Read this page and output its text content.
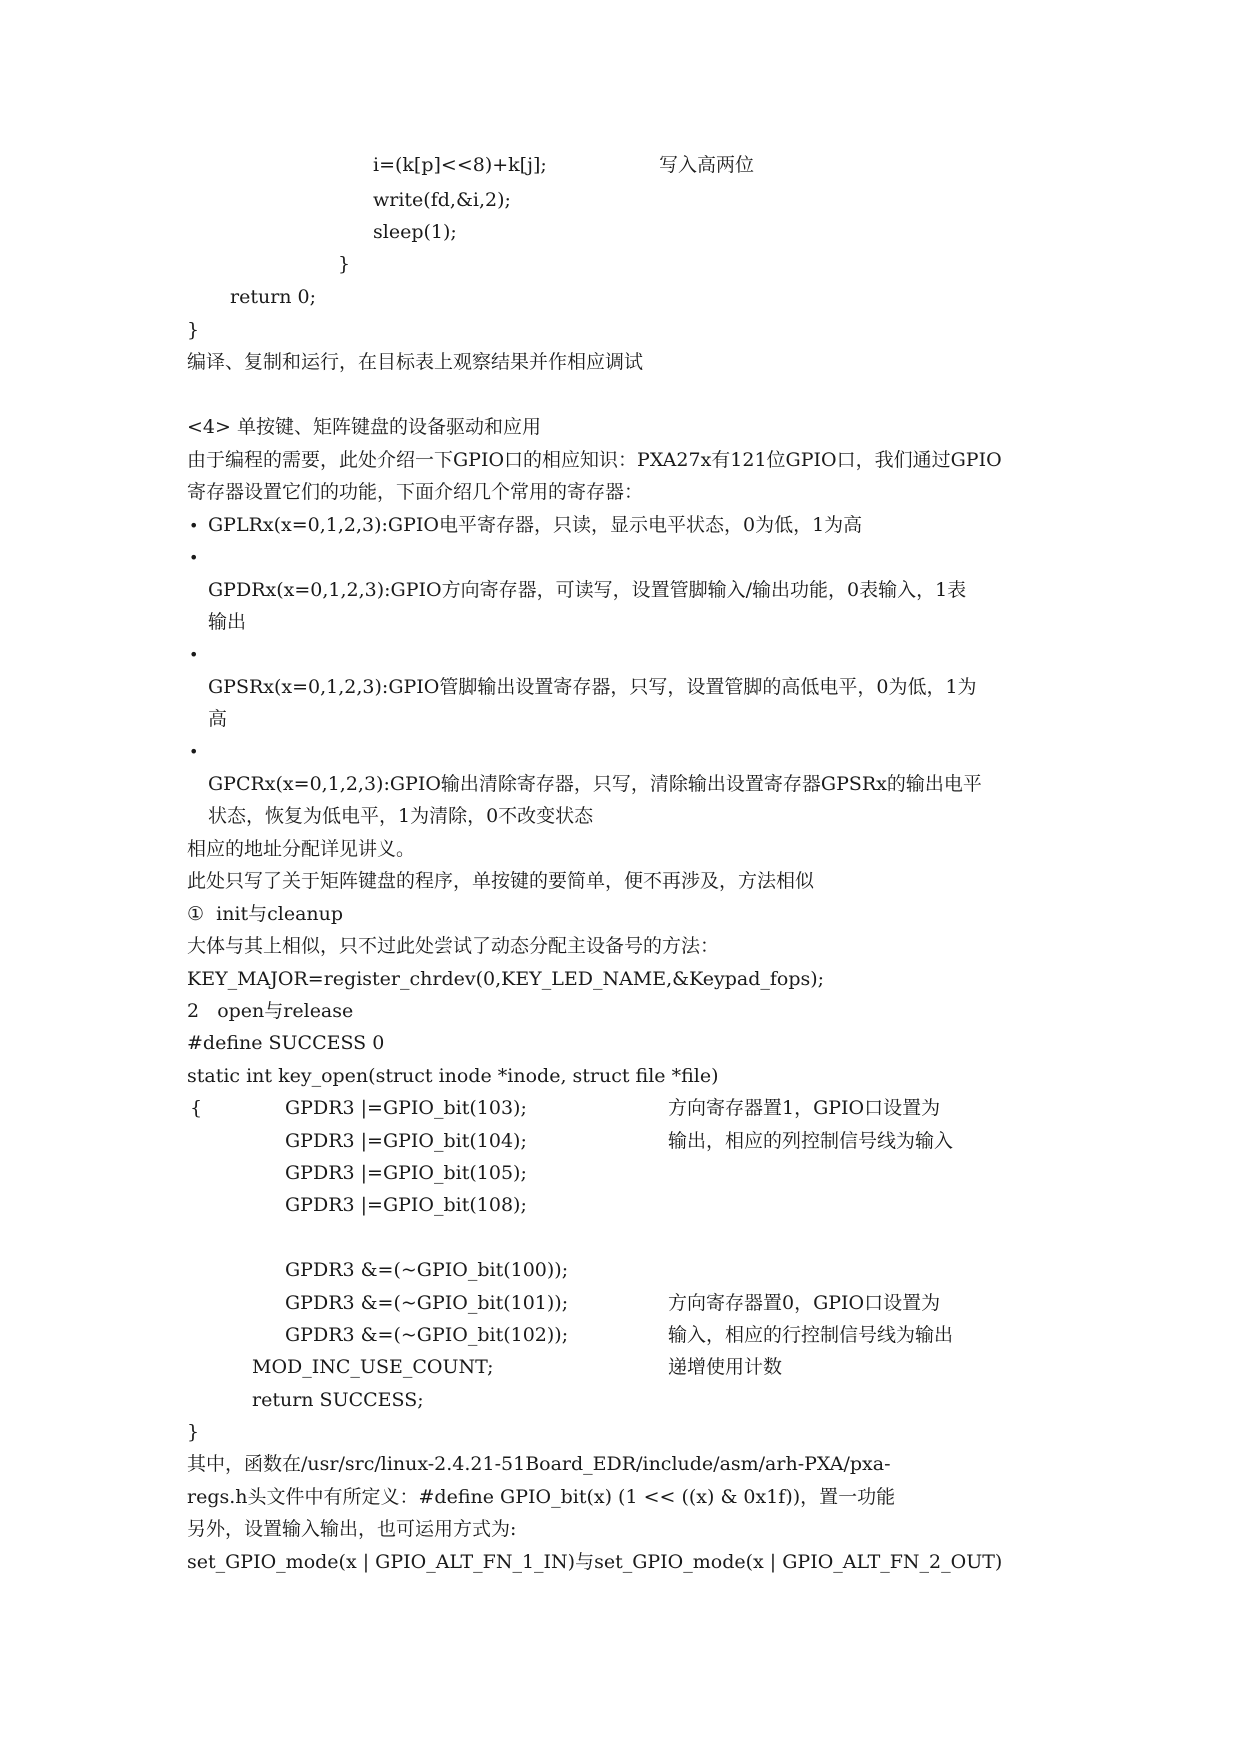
i=(k[p]<<8)+k[j];	写入高两位
write(fd,&i,2);
sleep(1);
}
return 0;
}
编译、复制和运行，在目标表上观察结果并作相应调试
<4> 单按键、矩阵键盘的设备驱动和应用
由于编程的需要，此处介绍一下GPIO口的相应知识：PXA27x有121位GPIO口，我们通过GPIO
寄存器设置它们的功能，下面介绍几个常用的寄存器：
• GPLRx(x=0,1,2,3):GPIO电平寄存器，只读，显示电平状态，0为低，1为高
•
GPDRx(x=0,1,2,3):GPIO方向寄存器，可读写，设置管脚输入/输出功能，0表输入，1表
输出
•
GPSRx(x=0,1,2,3):GPIO管脚输出设置寄存器，只写，设置管脚的高低电平，0为低，1为
高
•
GPCRx(x=0,1,2,3):GPIO输出清除寄存器，只写，清除输出设置寄存器GPSRx的输出电平
状态，恢复为低电平，1为清除，0不改变状态
相应的地址分配详见讲义。
此处只写了关于矩阵键盘的程序，单按键的要简单，便不再涉及，方法相似
①  init与cleanup
大体与其上相似，只不过此处尝试了动态分配主设备号的方法：
KEY_MAJOR=register_chrdev(0,KEY_LED_NAME,&Keypad_fops);
2   open与release
#define SUCCESS 0
static int key_open(struct inode *inode, struct file *file)
{	GPDR3 |=GPIO_bit(103);	方向寄存器置1，GPIO口设置为
GPDR3 |=GPIO_bit(104);	输出，相应的列控制信号线为输入
GPDR3 |=GPIO_bit(105);
GPDR3 |=GPIO_bit(108);
GPDR3 &=(~GPIO_bit(100));
GPDR3 &=(~GPIO_bit(101));	方向寄存器置0，GPIO口设置为
GPDR3 &=(~GPIO_bit(102));	输入，相应的行控制信号线为输出
MOD_INC_USE_COUNT;	递增使用计数
return SUCCESS;
}
其中，函数在/usr/src/linux-2.4.21-51Board_EDR/include/asm/arh-PXA/pxa-
regs.h头文件中有所定义：#define GPIO_bit(x) (1 << ((x) & 0x1f))，置一功能
另外，设置输入输出，也可运用方式为:
set_GPIO_mode(x | GPIO_ALT_FN_1_IN)与set_GPIO_mode(x | GPIO_ALT_FN_2_OUT)
